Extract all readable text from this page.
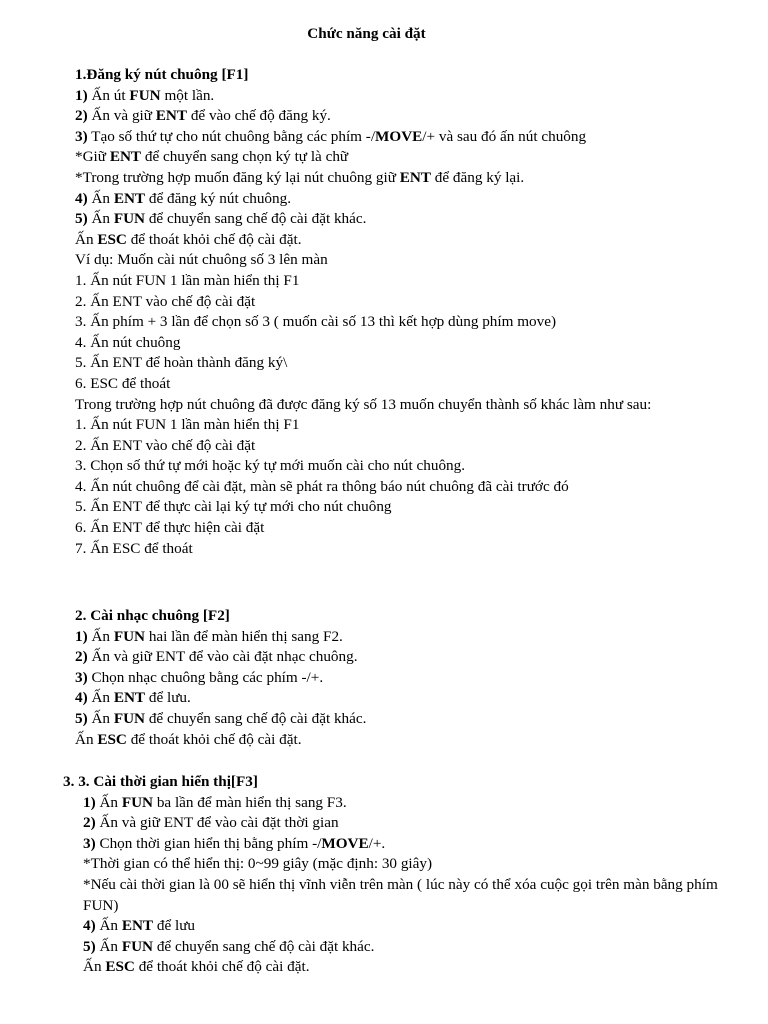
Chức năng cài đặt
1.Đăng ký nút chuông [F1]
1) Ấn út FUN một lần.
2) Ấn và giữ ENT để vào chế độ đăng ký.
3) Tạo số thứ tự cho nút chuông bằng các phím -/MOVE/+ và sau đó ấn nút chuông
*Giữ ENT để chuyển sang chọn ký tự là chữ
*Trong trường hợp muốn đăng ký lại nút chuông giữ ENT để đăng ký lại.
4) Ấn ENT để đăng ký nút chuông.
5) Ấn FUN để chuyển sang chế độ cài đặt khác.
Ấn ESC để thoát khỏi chế độ cài đặt.
Ví dụ: Muốn cài nút chuông số 3 lên màn
1. Ấn nút FUN 1 lần màn hiển thị F1
2. Ấn ENT vào chế độ cài đặt
3. Ấn phím + 3 lần để chọn số 3 ( muốn cài số 13 thì kết hợp dùng phím move)
4. Ấn nút chuông
5. Ấn ENT để hoàn thành đăng ký\
6. ESC để thoát
Trong trường hợp nút chuông đã được đăng ký số 13 muốn chuyển thành số khác làm như sau:
1. Ấn nút FUN 1 lần màn hiển thị F1
2. Ấn ENT vào chế độ cài đặt
3. Chọn số thứ tự mới hoặc ký tự mới muốn cài cho nút chuông.
4. Ấn nút chuông để cài đặt, màn sẽ phát ra thông báo nút chuông đã cài trước đó
5. Ấn ENT để thực cài lại ký tự mới cho nút chuông
6. Ấn ENT để thực hiện cài đặt
7. Ấn ESC để thoát
2. Cài nhạc chuông [F2]
1) Ấn FUN hai lần để màn hiển thị sang F2.
2) Ấn và giữ ENT để vào cài đặt nhạc chuông.
3) Chọn nhạc chuông bằng các phím -/+.
4) Ấn ENT để lưu.
5) Ấn FUN để chuyển sang chế độ cài đặt khác.
Ấn ESC để thoát khỏi chế độ cài đặt.
3. 3. Cài thời gian hiển thị[F3]
1) Ấn FUN ba lần để màn hiển thị sang F3.
2) Ấn và giữ ENT để vào cài đặt thời gian
3) Chọn thời gian hiển thị bằng phím -/MOVE/+.
*Thời gian có thể hiển thị: 0~99 giây (mặc định: 30 giây)
*Nếu cài thời gian là 00 sẽ hiển thị vĩnh viễn trên màn ( lúc này có thể xóa cuộc gọi trên màn bằng phím FUN)
4) Ấn ENT để lưu
5) Ấn FUN để chuyển sang chế độ cài đặt khác.
Ấn ESC để thoát khỏi chế độ cài đặt.
